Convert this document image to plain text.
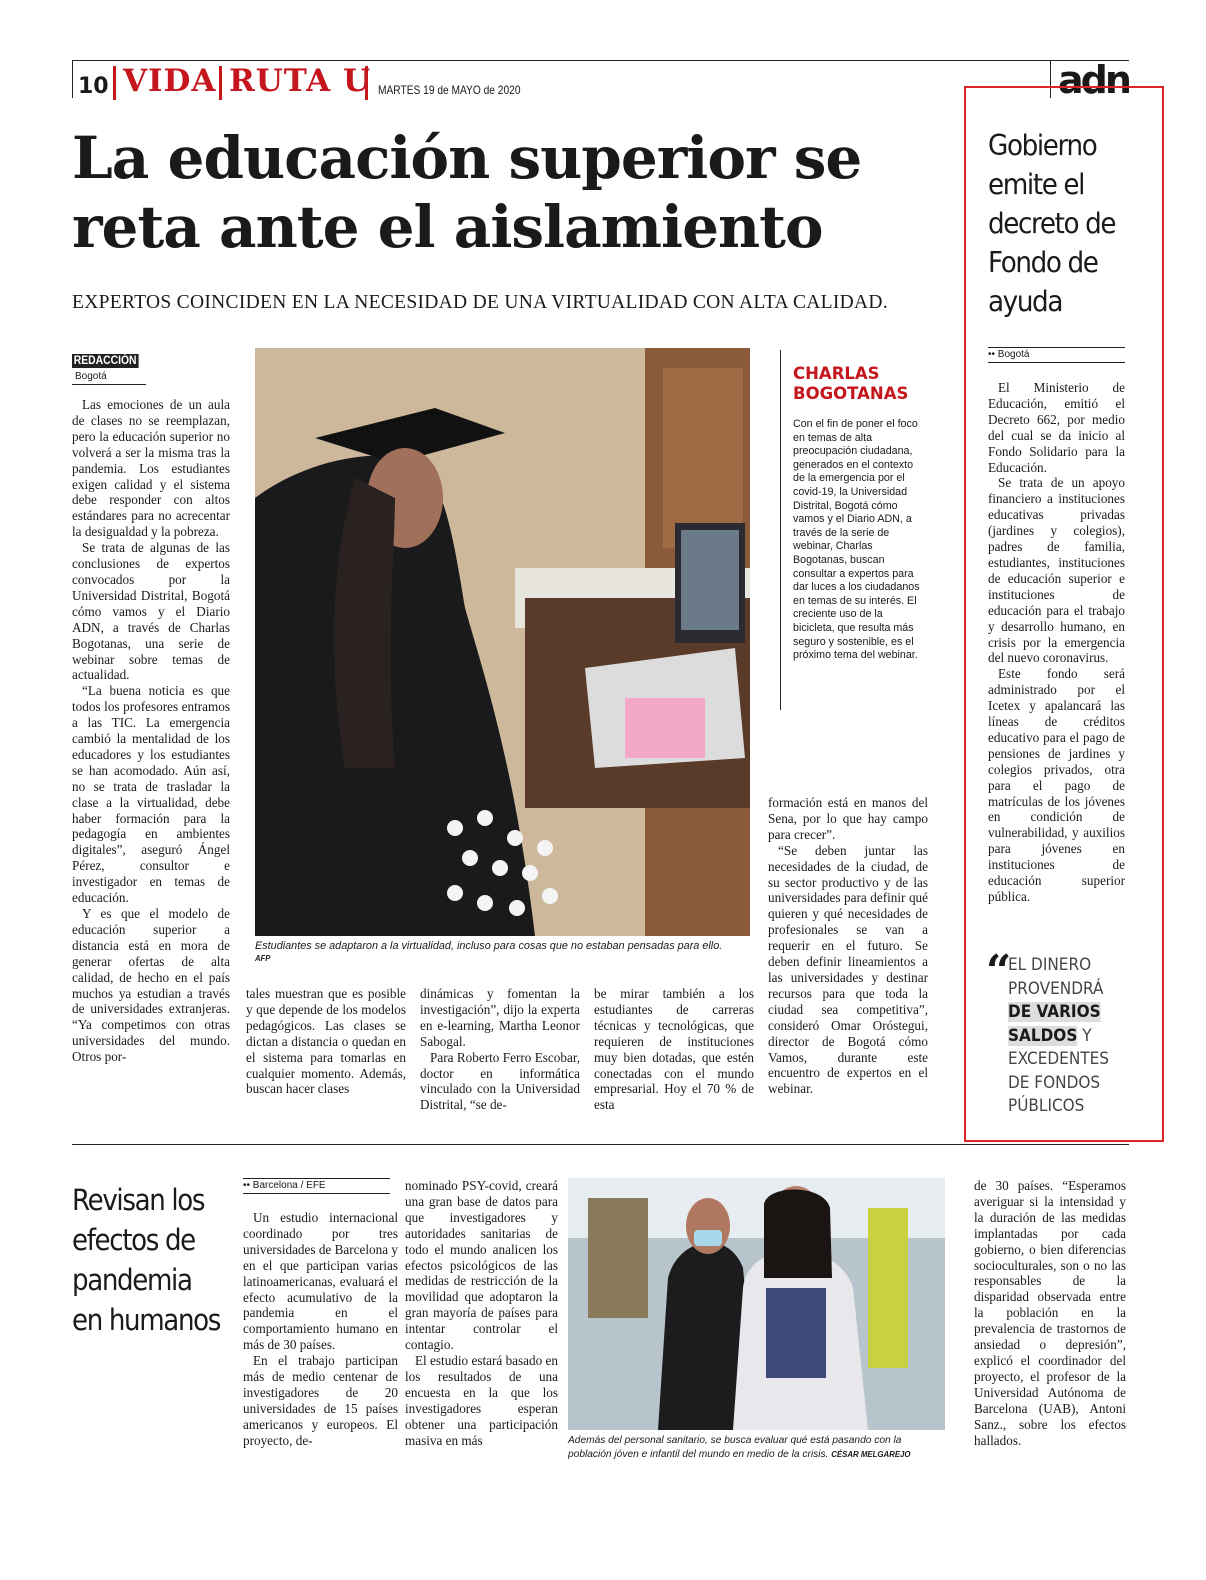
10 VIDA RUTA U MARTES 19 de MAYO de 2020	adn
La educación superior se reta ante el aislamiento
EXPERTOS COINCIDEN EN LA NECESIDAD DE UNA VIRTUALIDAD CON ALTA CALIDAD.
REDACCIÓN
Bogotá

Las emociones de un aula de clases no se reemplazan, pero la educación superior no volverá a ser la misma tras la pandemia. Los estudiantes exigen calidad y el sistema debe responder con altos estándares para no acrecentar la desigualdad y la pobreza.

Se trata de algunas de las conclusiones de expertos convocados por la Universidad Distrital, Bogotá cómo vamos y el Diario ADN, a través de Charlas Bogotanas, una serie de webinar sobre temas de actualidad.

“La buena noticia es que todos los profesores entramos a las TIC. La emergencia cambió la mentalidad de los educadores y los estudiantes se han acomodado. Aún así, no se trata de trasladar la clase a la virtualidad, debe haber formación para la pedagogía en ambientes digitales”, aseguró Ángel Pérez, consultor e investigador en temas de educación.

Y es que el modelo de educación superior a distancia está en mora de generar ofertas de alta calidad, de hecho en el país muchos ya estudian a través de universidades extranjeras. “Ya competimos con otras universidades del mundo. Otros por-

Estudiantes se adaptaron a la virtualidad, incluso para cosas que no estaban pensadas para ello. AFP

tales muestran que es posible y que depende de los modelos pedagógicos. Las clases se dictan a distancia o quedan en el sistema para tomarlas en cualquier momento. Además, buscan hacer clases

dinámicas y fomentan la investigación”, dijo la experta en e-learning, Martha Leonor Sabogal.

Para Roberto Ferro Escobar, doctor en informática vinculado con la Universidad Distrital, “se de-

be mirar también a los estudiantes de carreras técnicas y tecnológicas, que requieren de instituciones muy bien dotadas, que estén conectadas con el mundo empresarial. Hoy el 70 % de esta

formación está en manos del Sena, por lo que hay campo para crecer”.

“Se deben juntar las necesidades de la ciudad, de su sector productivo y de las universidades para definir qué quieren y qué necesidades de profesionales se van a requerir en el futuro. Se deben definir lineamientos a las universidades y destinar recursos para que toda la ciudad sea competitiva”, consideró Omar Oróstegui, director de Bogotá cómo Vamos, durante este encuentro de expertos en el webinar.

CHARLAS BOGOTANAS
Con el fin de poner el foco en temas de alta preocupación ciudadana, generados en el contexto de la emergencia por el covid-19, la Universidad Distrital, Bogotá cómo vamos y el Diario ADN, a través de la serie de webinar, Charlas Bogotanas, buscan consultar a expertos para dar luces a los ciudadanos en temas de su interés. El creciente uso de la bicicleta, que resulta más seguro y sostenible, es el próximo tema del webinar.
Gobierno emite el decreto de Fondo de ayuda
•• Bogotá

El Ministerio de Educación, emitió el Decreto 662, por medio del cual se da inicio al Fondo Solidario para la Educación.

Se trata de un apoyo financiero a instituciones educativas privadas (jardines y colegios), padres de familia, estudiantes, instituciones de educación superior e instituciones de educación para el trabajo y desarrollo humano, en crisis por la emergencia del nuevo coronavirus.

Este fondo será administrado por el Icetex y apalancará las líneas de créditos educativo para el pago de pensiones de jardines y colegios privados, otra para el pago de matrículas de los jóvenes en condición de vulnerabilidad, y auxilios para jóvenes en instituciones de educación superior pública.

“
EL DINERO PROVENDRÁ DE VARIOS SALDOS Y EXCEDENTES DE FONDOS PÚBLICOS
Revisan los efectos de pandemia en humanos
•• Barcelona / EFE

Un estudio internacional coordinado por tres universidades de Barcelona y en el que participan varias latinoamericanas, evaluará el efecto acumulativo de la pandemia en el comportamiento humano en más de 30 países.

En el trabajo participan más de medio centenar de investigadores de 20 universidades de 15 países americanos y europeos. El proyecto, de-

nominado PSY-covid, creará una gran base de datos para que investigadores y autoridades sanitarias de todo el mundo analicen los efectos psicológicos de las medidas de restricción de la movilidad que adoptaron la gran mayoría de países para intentar controlar el contagio.

El estudio estará basado en los resultados de una encuesta en la que los investigadores esperan obtener una participación masiva en más	Además del personal sanitario, se busca evaluar qué está pasando con la población jóven e infantil del mundo en medio de la crisis. CÉSAR MELGAREJO

de 30 países. “Esperamos averiguar si la intensidad y la duración de las medidas implantadas por cada gobierno, o bien diferencias socioculturales, son o no las responsables de la disparidad observada entre la población en la prevalencia de trastornos de ansiedad o depresión”, explicó el coordinador del proyecto, el profesor de la Universidad Autónoma de Barcelona (UAB), Antoni Sanz., sobre los efectos hallados.
